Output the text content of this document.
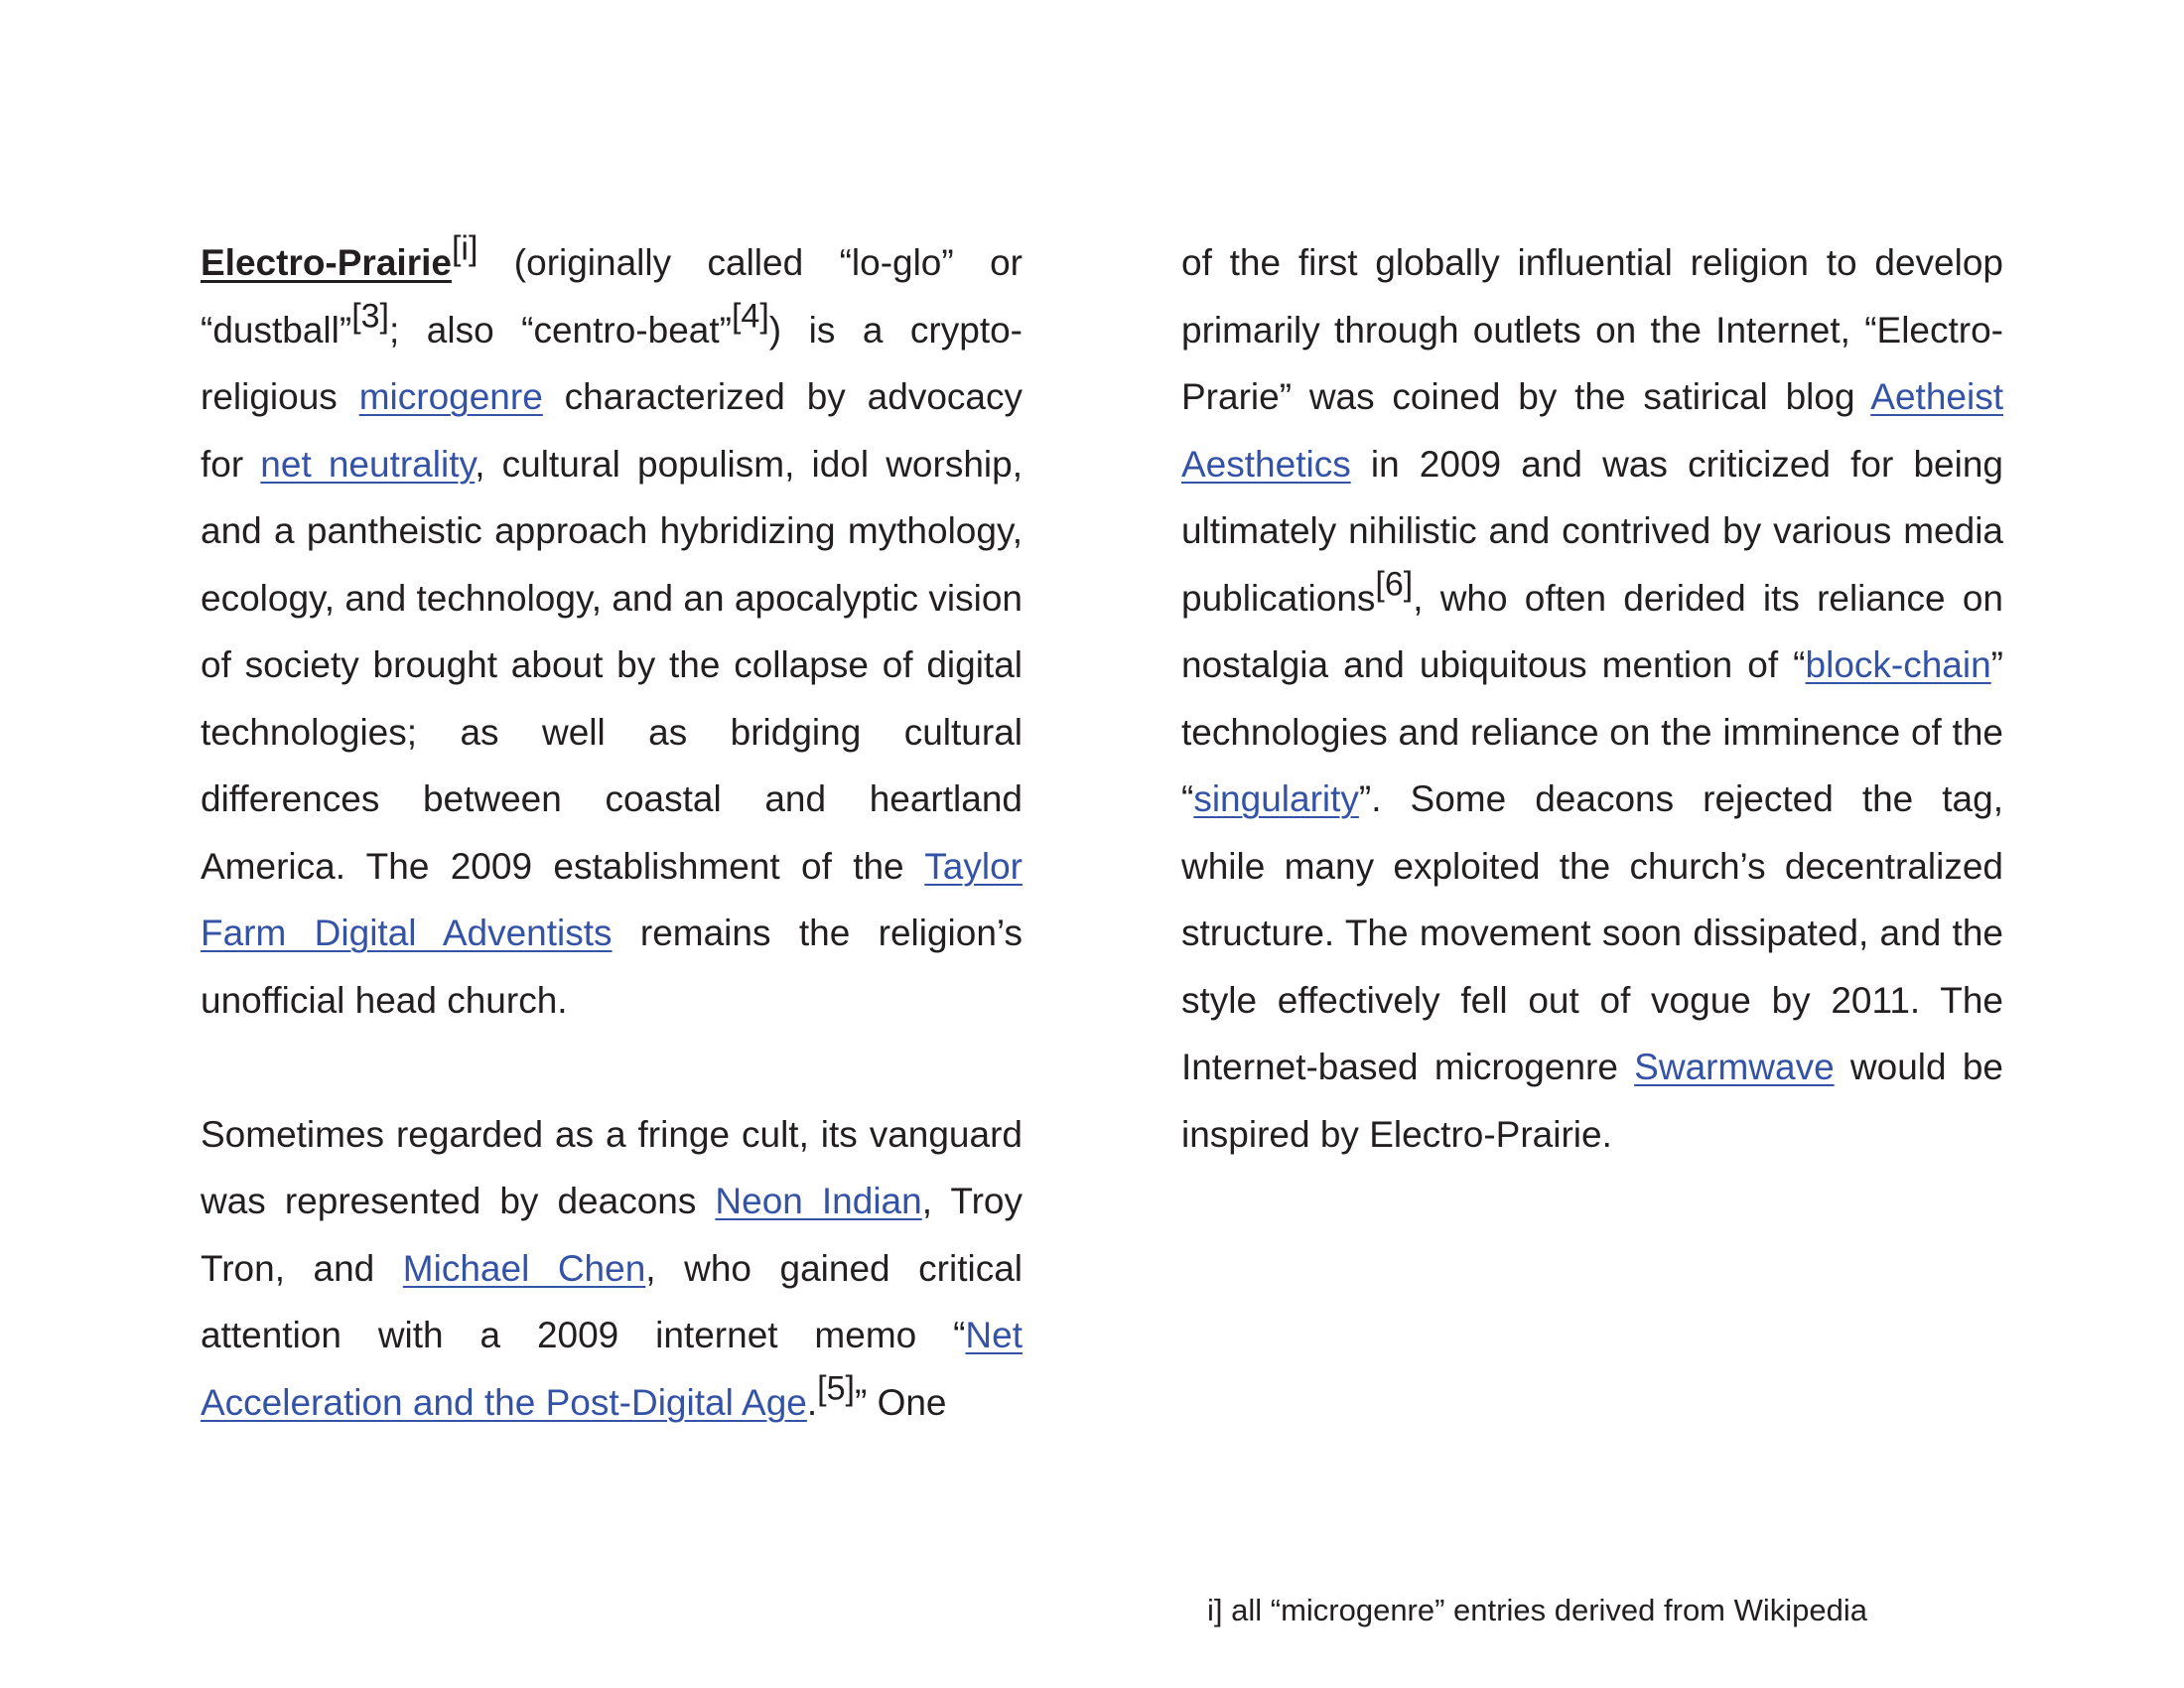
Electro-Prairie[i] (originally called “lo-glo” or “dustball”[3]; also “centro-beat”[4]) is a crypto-religious microgenre characterized by advocacy for net neutrality, cultural populism, idol worship, and a pantheistic approach hybridizing mythology, ecology, and technology, and an apocalyptic vision of society brought about by the collapse of digital technologies; as well as bridging cultural differences between coastal and heartland America. The 2009 establishment of the Taylor Farm Digital Adventists remains the religion’s unofficial head church.

Sometimes regarded as a fringe cult, its vanguard was represented by deacons Neon Indian, Troy Tron, and Michael Chen, who gained critical attention with a 2009 internet memo “Net Acceleration and the Post-Digital Age.[5]” One

of the first globally influential religion to develop primarily through outlets on the Internet, “Electro-Prarie” was coined by the satirical blog Aetheist Aesthetics in 2009 and was criticized for being ultimately nihilistic and contrived by various media publications[6], who often derided its reliance on nostalgia and ubiquitous mention of “block-chain” technologies and reliance on the imminence of the “singularity”. Some deacons rejected the tag, while many exploited the church’s decentralized structure. The movement soon dissipated, and the style effectively fell out of vogue by 2011. The Internet-based microgenre Swarmwave would be inspired by Electro-Prairie.

i] all “microgenre” entries derived from Wikipedia
